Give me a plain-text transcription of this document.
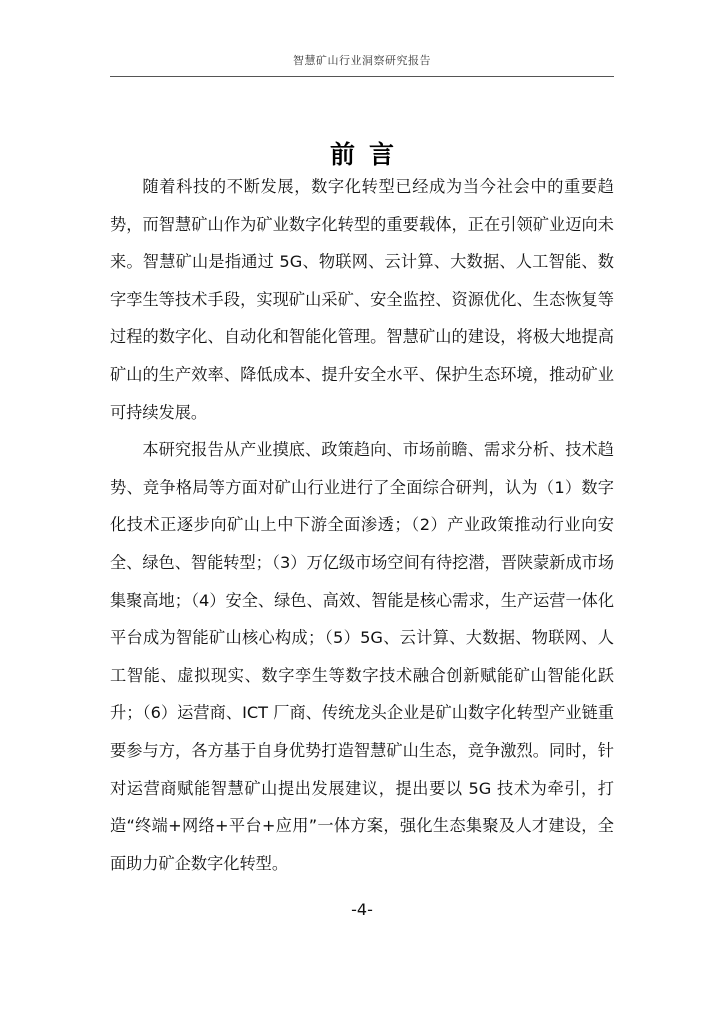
智慧矿山行业洞察研究报告
前言

随着科技的不断发展，数字化转型已经成为当今社会中的重要趋势，而智慧矿山作为矿业数字化转型的重要载体，正在引领矿业迈向未来。智慧矿山是指通过 5G、物联网、云计算、大数据、人工智能、数字孪生等技术手段，实现矿山采矿、安全监控、资源优化、生态恢复等过程的数字化、自动化和智能化管理。智慧矿山的建设，将极大地提高矿山的生产效率、降低成本、提升安全水平、保护生态环境，推动矿业可持续发展。

本研究报告从产业摸底、政策趋向、市场前瞻、需求分析、技术趋势、竞争格局等方面对矿山行业进行了全面综合研判，认为（1）数字化技术正逐步向矿山上中下游全面渗透；（2）产业政策推动行业向安全、绿色、智能转型；（3）万亿级市场空间有待挖潜，晋陕蒙新成市场集聚高地；（4）安全、绿色、高效、智能是核心需求，生产运营一体化平台成为智能矿山核心构成；（5）5G、云计算、大数据、物联网、人工智能、虚拟现实、数字孪生等数字技术融合创新赋能矿山智能化跃升；（6）运营商、ICT 厂商、传统龙头企业是矿山数字化转型产业链重要参与方，各方基于自身优势打造智慧矿山生态，竞争激烈。同时，针对运营商赋能智慧矿山提出发展建议，提出要以 5G 技术为牵引，打造“终端+网络+平台+应用”一体方案，强化生态集聚及人才建设，全面助力矿企数字化转型。

-4-
